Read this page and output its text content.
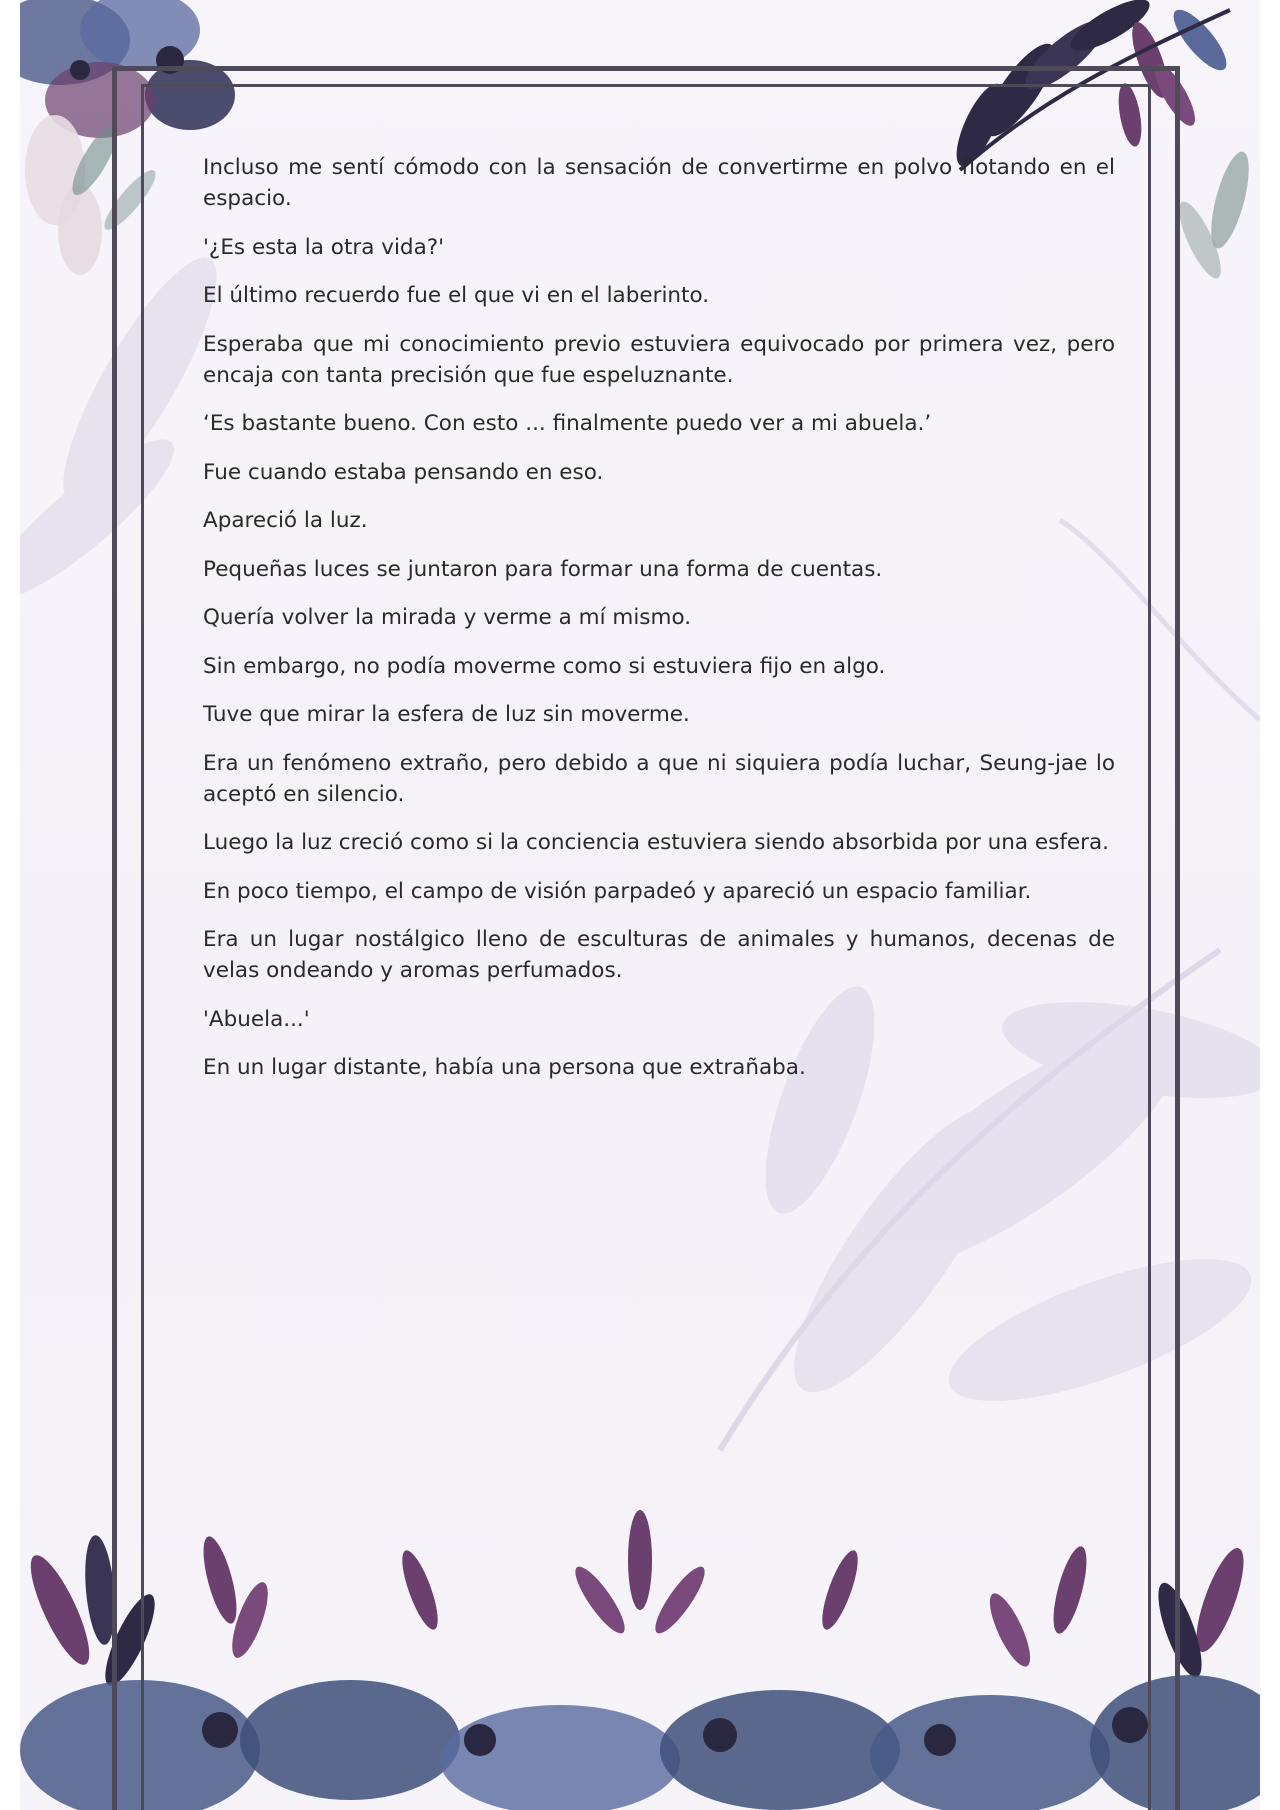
Incluso me sentí cómodo con la sensación de convertirme en polvo flotando en el espacio.

'¿Es esta la otra vida?'

El último recuerdo fue el que vi en el laberinto.

Esperaba que mi conocimiento previo estuviera equivocado por primera vez, pero encaja con tanta precisión que fue espeluznante.

‘Es bastante bueno. Con esto ... finalmente puedo ver a mi abuela.’

Fue cuando estaba pensando en eso.

Apareció la luz.

Pequeñas luces se juntaron para formar una forma de cuentas.

Quería volver la mirada y verme a mí mismo.

Sin embargo, no podía moverme como si estuviera fijo en algo.

Tuve que mirar la esfera de luz sin moverme.

Era un fenómeno extraño, pero debido a que ni siquiera podía luchar, Seung-jae lo aceptó en silencio.

Luego la luz creció como si la conciencia estuviera siendo absorbida por una esfera.

En poco tiempo, el campo de visión parpadeó y apareció un espacio familiar.

Era un lugar nostálgico lleno de esculturas de animales y humanos, decenas de velas ondeando y aromas perfumados.

'Abuela...'

En un lugar distante, había una persona que extrañaba.
